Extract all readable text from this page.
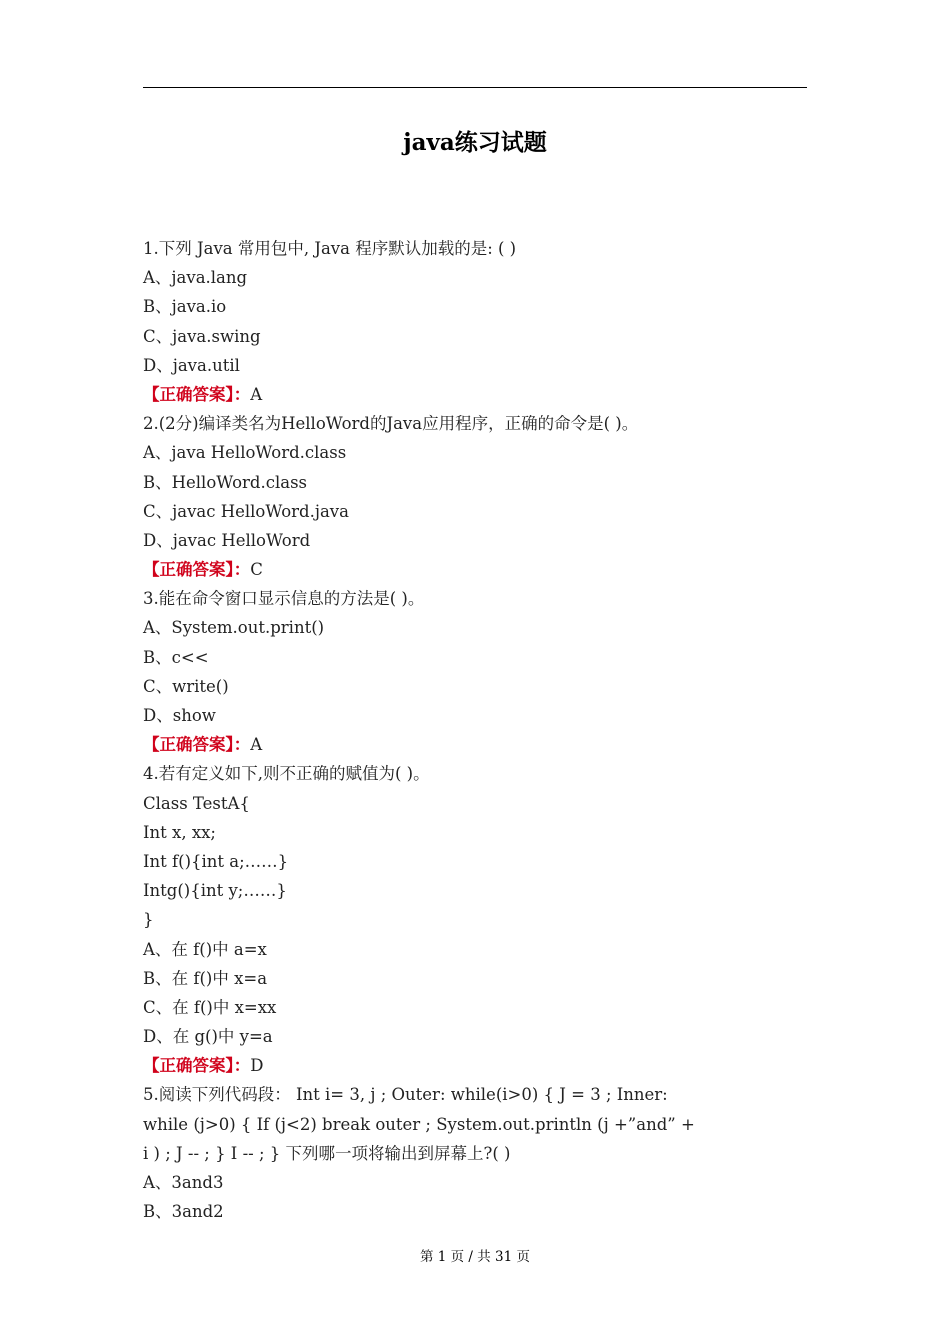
java练习试题
1.下列 Java 常用包中, Java 程序默认加载的是: ( )
A、java.lang
B、java.io
C、java.swing
D、java.util
【正确答案】：A
2.(2分)编译类名为HelloWord的Java应用程序，正确的命令是( )。
A、java HelloWord.class
B、HelloWord.class
C、javac HelloWord.java
D、javac HelloWord
【正确答案】：C
3.能在命令窗口显示信息的方法是( )。
A、System.out.print()
B、c<<
C、write()
D、show
【正确答案】：A
4.若有定义如下,则不正确的赋值为( )。
Class TestA{
Int x, xx;
Int f(){int a;……}
Intg(){int y;……}
}
A、在 f()中 a=x
B、在 f()中 x=a
C、在 f()中 x=xx
D、在 g()中 y=a
【正确答案】：D
5.阅读下列代码段： Int i= 3, j ; Outer: while(i>0) { J = 3 ; Inner:
while (j>0) { If (j<2) break outer ; System.out.println (j +”and” +
i ) ; J -- ; } I -- ; } 下列哪一项将输出到屏幕上?( )
A、3and3
B、3and2
第 1 页 / 共 31 页
